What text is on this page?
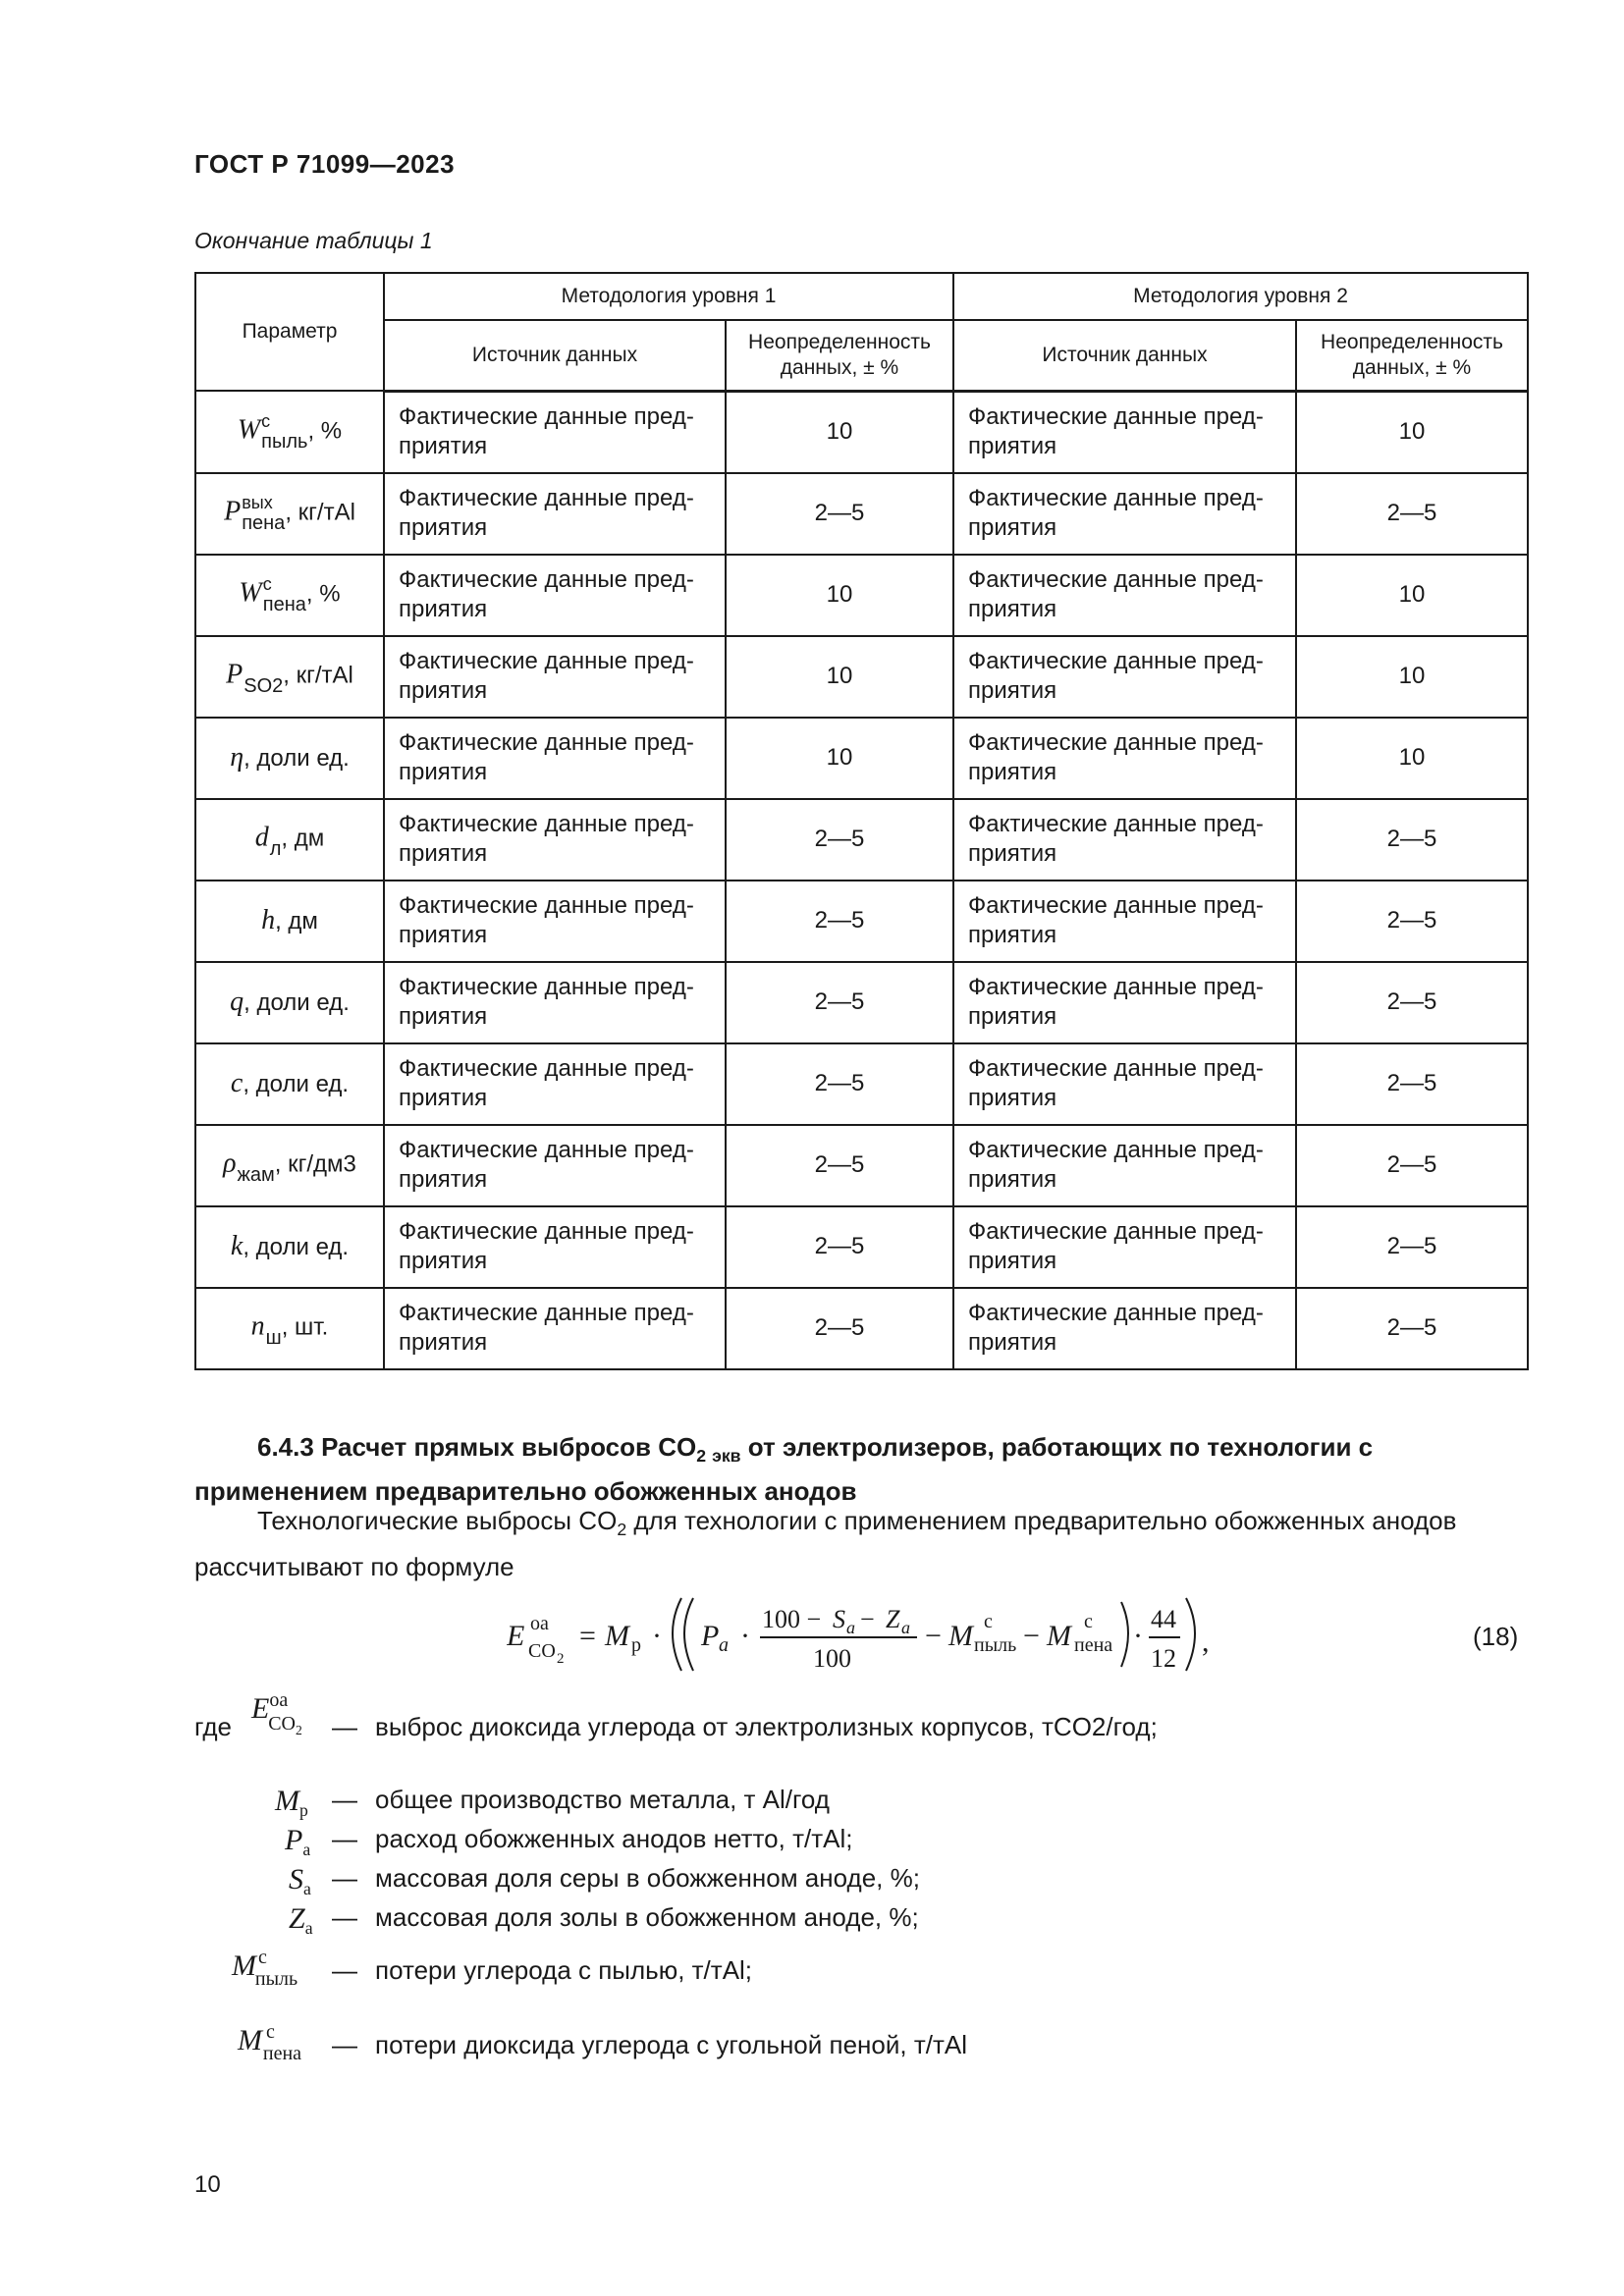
ГОСТ Р 71099—2023
Окончание таблицы 1
Параметр	Методология уровня 1		Методология уровня 2	
	Источник данных	Неопределенность данных, ± %	Источник данных	Неопределенность данных, ± %
W с
пыль , %	Фактические данные пред-приятия	10	Фактические данные пред-приятия	10
P вых
пена , кг/тAl	Фактические данные пред-приятия	2—5	Фактические данные пред-приятия	2—5
W с
пена , %	Фактические данные пред-приятия	10	Фактические данные пред-приятия	10
P
SO2 , кг/тAl	Фактические данные пред-приятия	10	Фактические данные пред-приятия	10
η, доли ед.	Фактические данные пред-приятия	10	Фактические данные пред-приятия	10
d
л , дм	Фактические данные пред-приятия	2—5	Фактические данные пред-приятия	2—5
h, дм	Фактические данные пред-приятия	2—5	Фактические данные пред-приятия	2—5
q, доли ед.	Фактические данные пред-приятия	2—5	Фактические данные пред-приятия	2—5
c, доли ед.	Фактические данные пред-приятия	2—5	Фактические данные пред-приятия	2—5
ρ
жам , кг/дм3	Фактические данные пред-приятия	2—5	Фактические данные пред-приятия	2—5
k, доли ед.	Фактические данные пред-приятия	2—5	Фактические данные пред-приятия	2—5
n
ш , шт.	Фактические данные пред-приятия	2—5	Фактические данные пред-приятия	2—5
6.4.3 Расчет прямых выбросов $CO_2$ $_{экв}$ от электролизеров, работающих по технологии с применением предварительно обожженных анодов
Технологические выбросы $CO_2$ для технологии с применением предварительно обожженных анодов рассчитывают по формуле
E оа
CO 2
= M р · P a ·
100 − S a − Z a
100
− M c
пыль − M c
пена ·
44
12
,	(18)
где
$E^{оа}_{CO_2}$	— выброс диоксида углерода от электролизных корпусов, тCO2/год;
$M_р$ — общее производство металла, т Al/год
$P_a$ — расход обожженных анодов нетто, т/тAl;
$S_a$ — массовая доля серы в обожженном аноде, %;
$Z_a$ — массовая доля золы в обожженном аноде, %;
M $^c_{пыль}$	— потери углерода с пылью, т/тAl;
M $^c_{пена}$	— потери диоксида углерода с угольной пеной, т/тAl
10
